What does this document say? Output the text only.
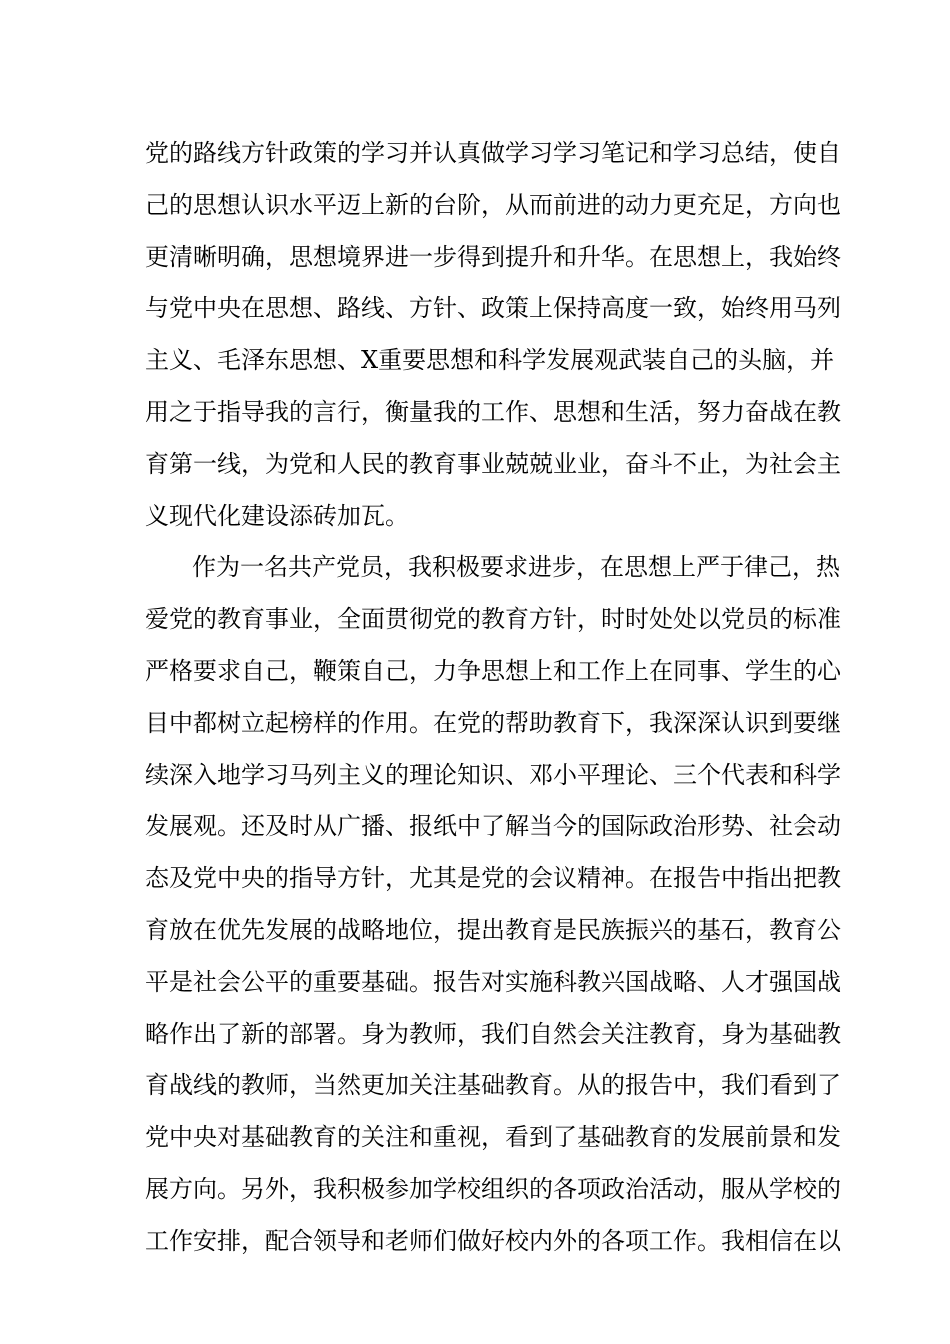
党的路线方针政策的学习并认真做学习学习笔记和学习总结，使自
己的思想认识水平迈上新的台阶，从而前进的动力更充足，方向也
更清晰明确，思想境界进一步得到提升和升华。在思想上，我始终
与党中央在思想、路线、方针、政策上保持高度一致，始终用马列
主义、毛泽东思想、X重要思想和科学发展观武装自己的头脑，并
用之于指导我的言行，衡量我的工作、思想和生活，努力奋战在教
育第一线，为党和人民的教育事业兢兢业业，奋斗不止，为社会主
义现代化建设添砖加瓦。
作为一名共产党员，我积极要求进步，在思想上严于律己，热
爱党的教育事业，全面贯彻党的教育方针，时时处处以党员的标准
严格要求自己，鞭策自己，力争思想上和工作上在同事、学生的心
目中都树立起榜样的作用。在党的帮助教育下，我深深认识到要继
续深入地学习马列主义的理论知识、邓小平理论、三个代表和科学
发展观。还及时从广播、报纸中了解当今的国际政治形势、社会动
态及党中央的指导方针，尤其是党的会议精神。在报告中指出把教
育放在优先发展的战略地位，提出教育是民族振兴的基石，教育公
平是社会公平的重要基础。报告对实施科教兴国战略、人才强国战
略作出了新的部署。身为教师，我们自然会关注教育，身为基础教
育战线的教师，当然更加关注基础教育。从的报告中，我们看到了
党中央对基础教育的关注和重视，看到了基础教育的发展前景和发
展方向。另外，我积极参加学校组织的各项政治活动，服从学校的
工作安排，配合领导和老师们做好校内外的各项工作。我相信在以
